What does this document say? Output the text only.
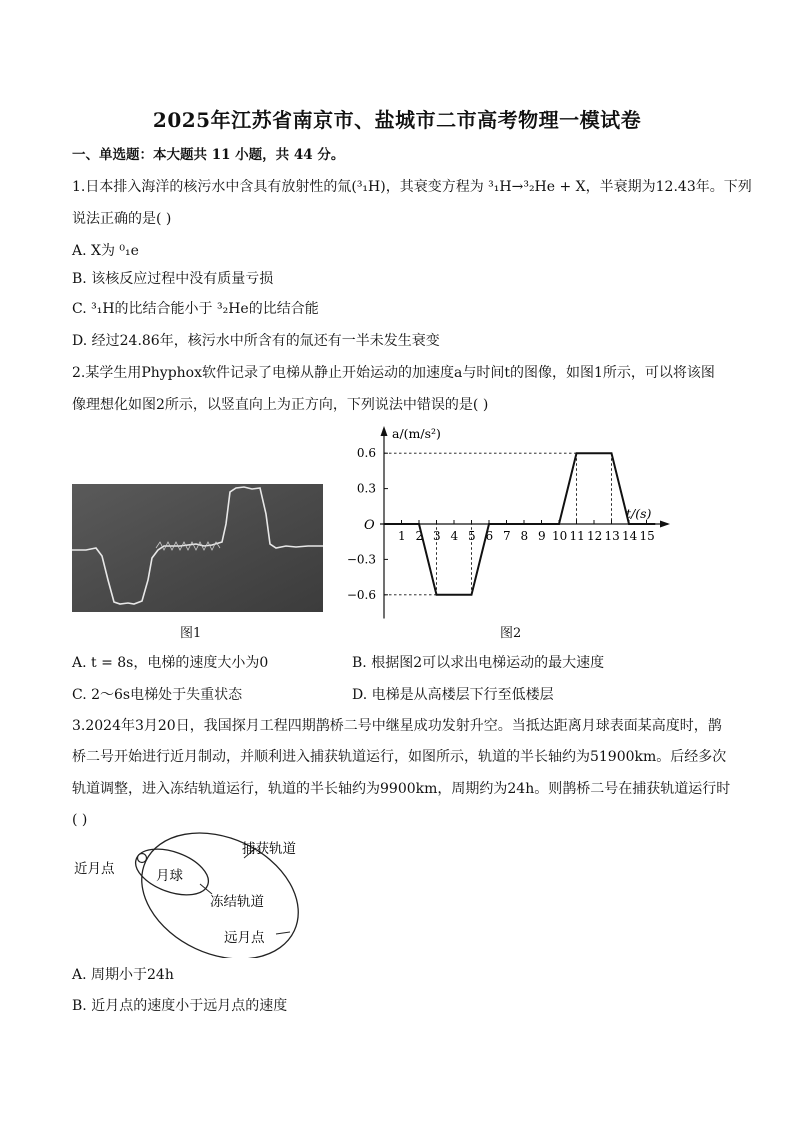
2025年江苏省南京市、盐城市二市高考物理一模试卷
一、单选题：本大题共 11 小题，共 44 分。
1.日本排入海洋的核污水中含具有放射性的氚(³₁H)，其衰变方程为 ³₁H→³₂He + X，半衰期为12.43年。下列
说法正确的是( )
A. X为 ⁰₁e
B. 该核反应过程中没有质量亏损
C. ³₁H的比结合能小于 ³₂He的比结合能
D. 经过24.86年，核污水中所含有的氚还有一半未发生衰变
2.某学生用Phyphox软件记录了电梯从静止开始运动的加速度a与时间t的图像，如图1所示，可以将该图
像理想化如图2所示，以竖直向上为正方向，下列说法中错误的是( )
图1
a/(m/s²)
t/(s)
O
1 2 3 4 5 6 7 8 9 10 11 12 13 14 15
0.6
0.3
−0.3
−0.6
图2
A. t = 8s，电梯的速度大小为0	B. 根据图2可以求出电梯运动的最大速度
C. 2～6s电梯处于失重状态	D. 电梯是从高楼层下行至低楼层
3.2024年3月20日，我国探月工程四期鹊桥二号中继星成功发射升空。当抵达距离月球表面某高度时，鹊
桥二号开始进行近月制动，并顺利进入捕获轨道运行，如图所示，轨道的半长轴约为51900km。后经多次
轨道调整，进入冻结轨道运行，轨道的半长轴约为9900km，周期约为24h。则鹊桥二号在捕获轨道运行时
( )
近月点	月球
捕获轨道
冻结轨道
远月点
A. 周期小于24h
B. 近月点的速度小于远月点的速度
